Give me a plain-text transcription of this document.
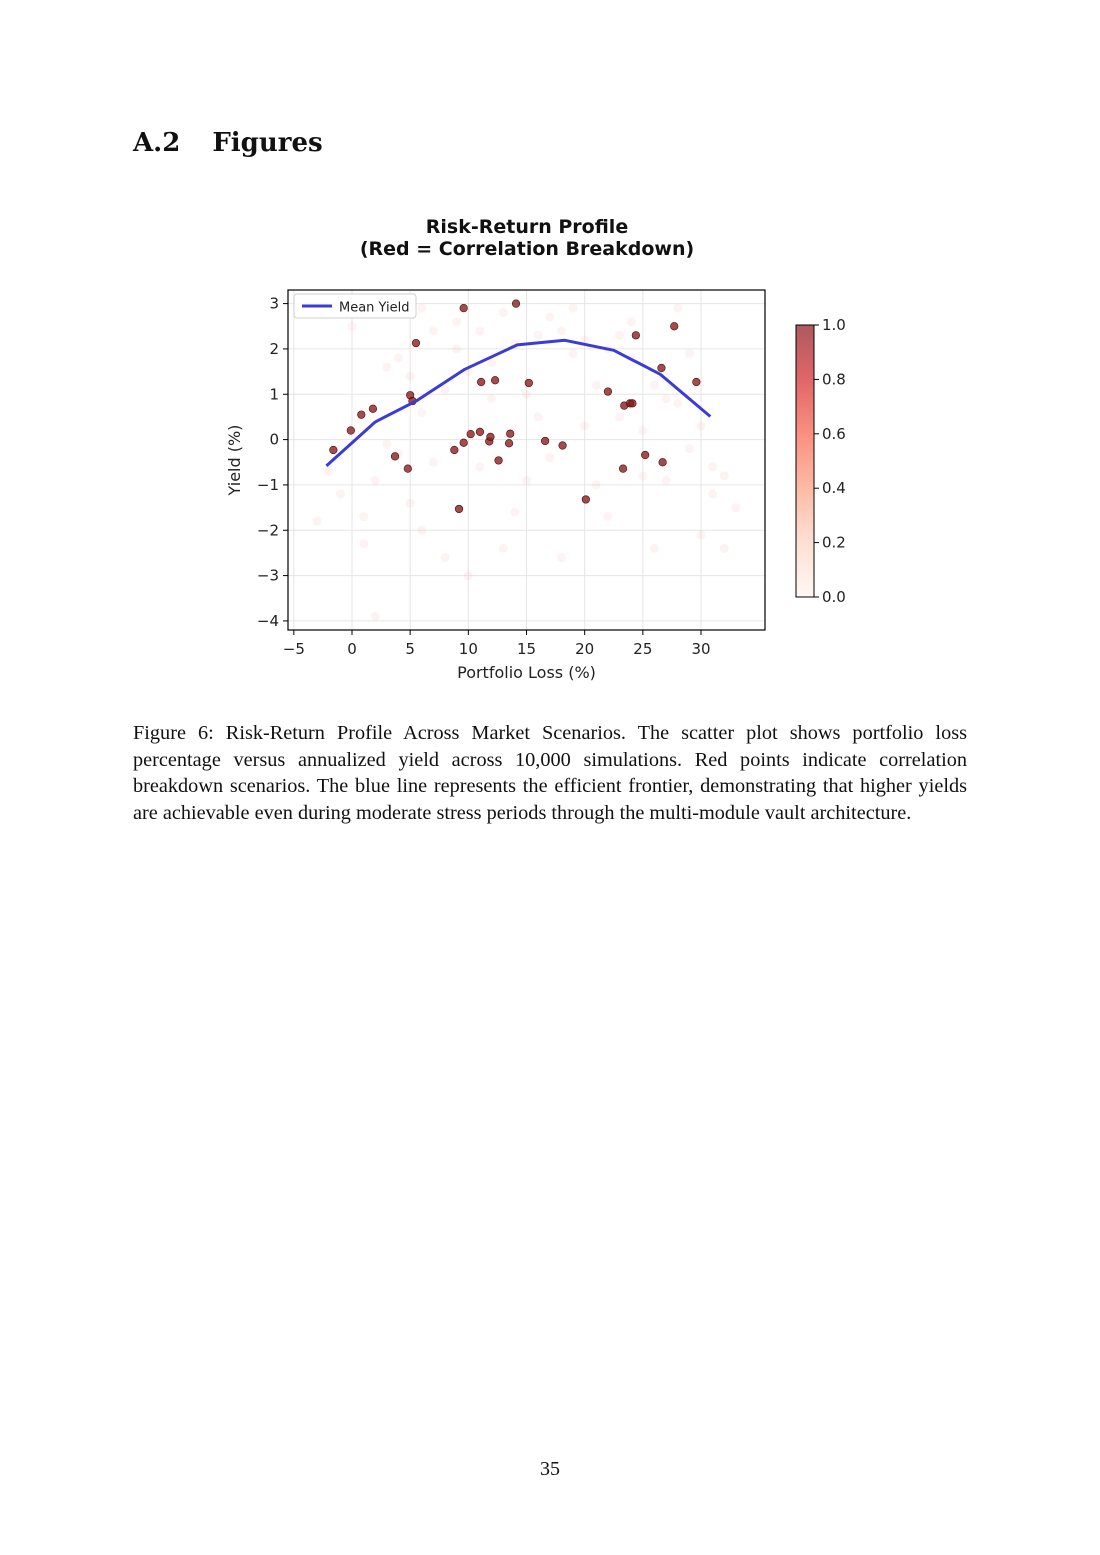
A.2 Figures
Risk-Return Profile
(Red = Correlation Breakdown)
−5	0	5	10	15	20	25	30
3
2
1
0
−1
−2
−3
−4
Portfolio Loss (%)
Yield (%)
Mean Yield
1.0
0.8
0.6
0.4
0.2
0.0

Figure 6: Risk-Return Profile Across Market Scenarios. The scatter plot shows portfolio loss percentage versus annualized yield across 10,000 simulations. Red points indicate correlation breakdown scenarios. The blue line represents the efficient frontier, demonstrating that higher yields are achievable even during moderate stress periods through the multi-module vault architecture.

35
